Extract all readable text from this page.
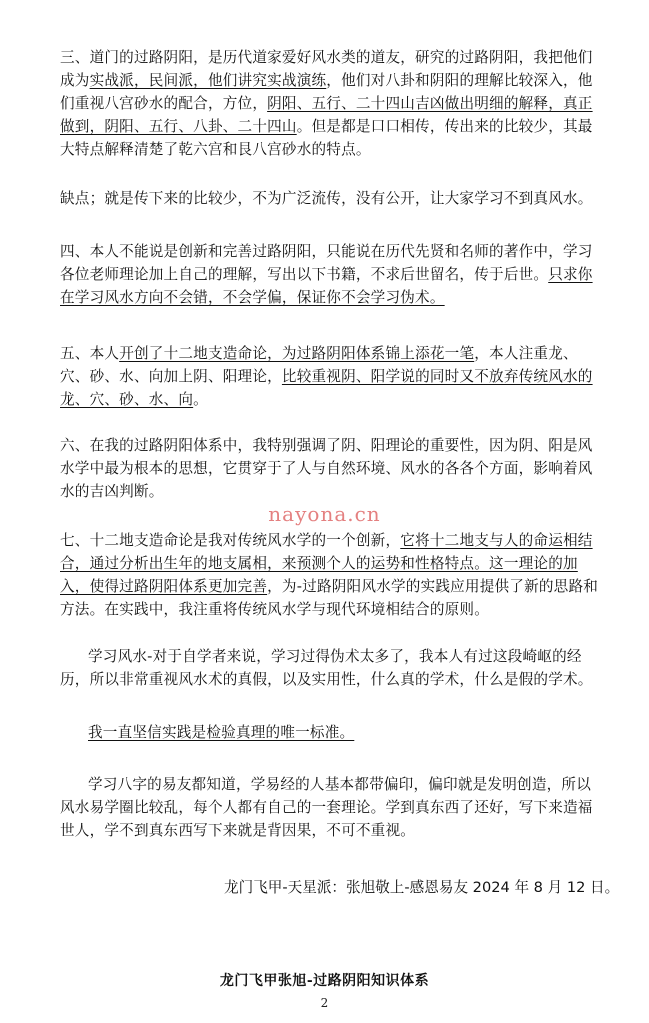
三、道门的过路阴阳，是历代道家爱好风水类的道友，研究的过路阴阳，我把他们成为实战派，民间派，他们讲究实战演练，他们对八卦和阴阳的理解比较深入，他们重视八宫砂水的配合，方位，阴阳、五行、二十四山吉凶做出明细的解释，真正做到，阴阳、五行、八卦、二十四山。但是都是口口相传，传出来的比较少，其最大特点解释清楚了乾六宫和艮八宫砂水的特点。
缺点；就是传下来的比较少，不为广泛流传，没有公开，让大家学习不到真风水。
四、本人不能说是创新和完善过路阴阳，只能说在历代先贤和名师的著作中，学习各位老师理论加上自己的理解，写出以下书籍，不求后世留名，传于后世。只求你在学习风水方向不会错，不会学偏，保证你不会学习伪术。
五、本人开创了十二地支造命论，为过路阴阳体系锦上添花一笔，本人注重龙、穴、砂、水、向加上阴、阳理论，比较重视阴、阳学说的同时又不放弃传统风水的龙、穴、砂、水、向。
六、在我的过路阴阳体系中，我特别强调了阴、阳理论的重要性，因为阴、阳是风水学中最为根本的思想，它贯穿于了人与自然环境、风水的各各个方面，影响着风水的吉凶判断。
nayona.cn
七、十二地支造命论是我对传统风水学的一个创新，它将十二地支与人的命运相结合，通过分析出生年的地支属相，来预测个人的运势和性格特点。这一理论的加入，使得过路阴阳体系更加完善，为-过路阴阳风水学的实践应用提供了新的思路和方法。在实践中，我注重将传统风水学与现代环境相结合的原则。
学习风水-对于自学者来说，学习过得伪术太多了，我本人有过这段崎岖的经历，所以非常重视风水术的真假，以及实用性，什么真的学术，什么是假的学术。
我一直坚信实践是检验真理的唯一标准。
学习八字的易友都知道，学易经的人基本都带偏印，偏印就是发明创造，所以风水易学圈比较乱，每个人都有自己的一套理论。学到真东西了还好，写下来造福世人，学不到真东西写下来就是背因果，不可不重视。
龙门飞甲-天星派：张旭敬上-感恩易友 2024 年 8 月 12 日。
龙门飞甲张旭-过路阴阳知识体系
2
